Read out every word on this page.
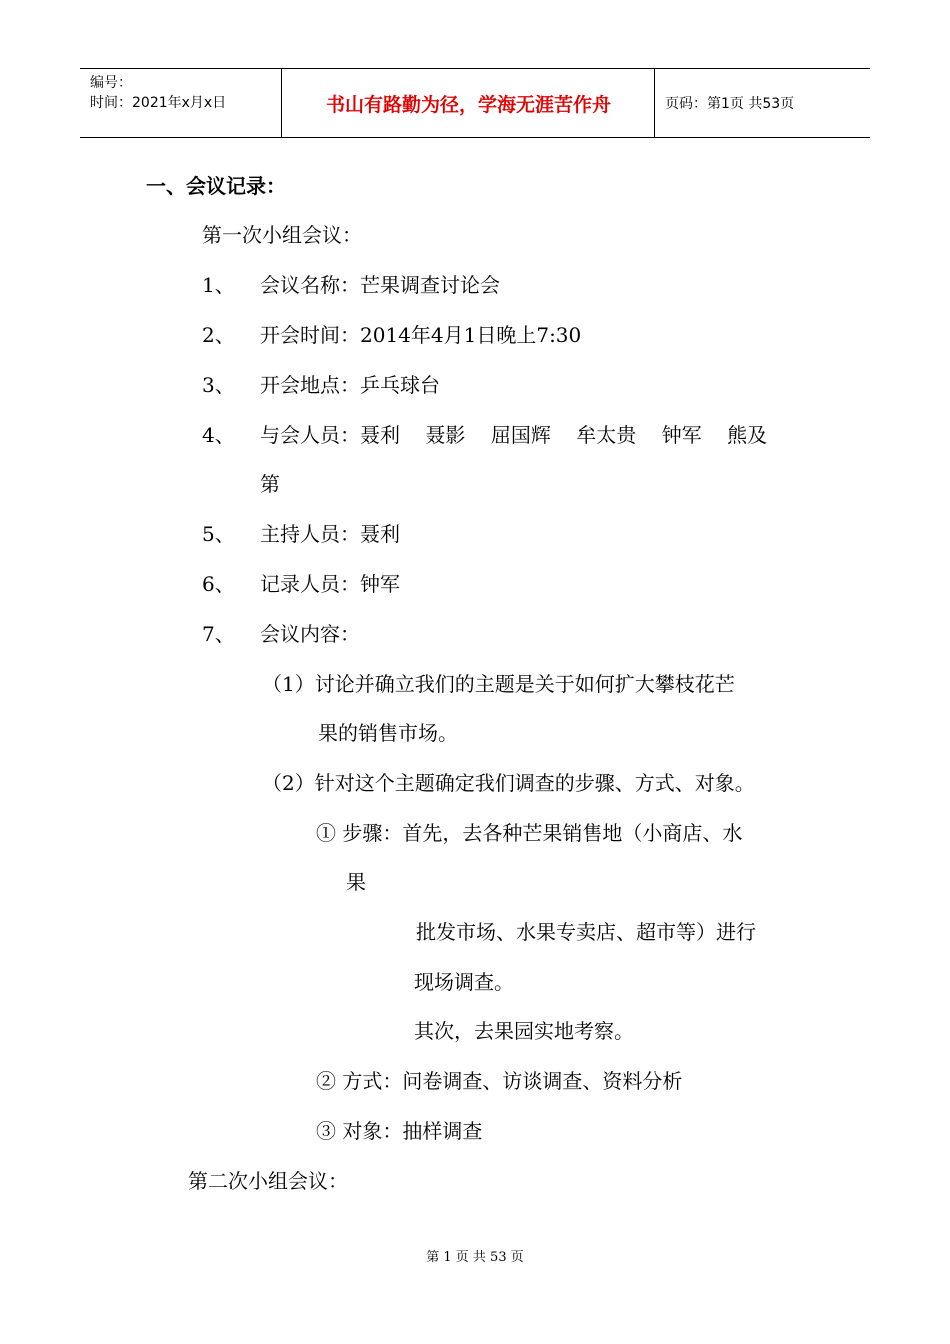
编号：
时间：2021年x月x日	书山有路勤为径，学海无涯苦作舟	页码：第1页 共53页
一、会议记录：
第一次小组会议：
1、 会议名称：芒果调查讨论会
2、 开会时间：2014年4月1日晚上7:30
3、 开会地点：乒乓球台
4、 与会人员：聂利    聂影    屈国辉    牟太贵    钟军    熊及
第
5、 主持人员：聂利
6、 记录人员：钟军
7、 会议内容：
（1）讨论并确立我们的主题是关于如何扩大攀枝花芒
果的销售市场。
（2）针对这个主题确定我们调查的步骤、方式、对象。
① 步骤：首先，去各种芒果销售地（小商店、水
果
批发市场、水果专卖店、超市等）进行
现场调查。
其次，去果园实地考察。
② 方式：问卷调查、访谈调查、资料分析
③ 对象：抽样调查
第二次小组会议：
第 1 页 共 53 页
